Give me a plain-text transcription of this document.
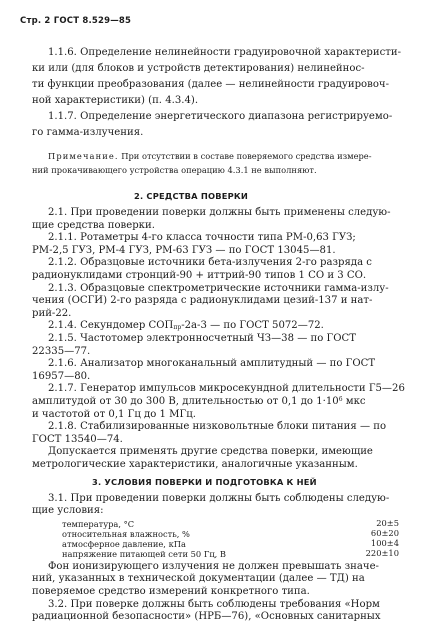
Стр. 2 ГОСТ 8.529—85
1.1.6. Определение нелинейности градуировочной характеристи-
ки или (для блоков и устройств детектирования) нелинейнос-
ти функции преобразования (далее — нелинейности градуировоч-
ной характеристики) (п. 4.3.4).
1.1.7. Определение энергетического диапазона регистрируемо-
го гамма-излучения.
Примечание. При отсутствии в составе поверяемого средства измере-
ний прокачивающего устройства операцию 4.3.1 не выполняют.
2. СРЕДСТВА ПОВЕРКИ
2.1. При проведении поверки должны быть применены следую-
щие средства поверки.
2.1.1. Ротаметры 4-го класса точности типа РМ-0,63 ГУЗ;
РМ-2,5 ГУЗ, РМ-4 ГУЗ, РМ-63 ГУЗ — по ГОСТ 13045—81.
2.1.2. Образцовые источники бета-излучения 2-го разряда с
радионуклидами стронций-90 + иттрий-90 типов 1 СО и 3 СО.
2.1.3. Образцовые спектрометрические источники гамма-излу-
чения (ОСГИ) 2-го разряда с радионуклидами цезий-137 и нат-
рий-22.
2.1.4. Секундомер $СОП_{пр}-2а-3$ — по ГОСТ 5072—72.
2.1.5. Частотомер электронносчетный ЧЗ—38 — по ГОСТ
22335—77.
2.1.6. Анализатор многоканальный амплитудный — по ГОСТ
16957—80.
2.1.7. Генератор импульсов микросекундной длительности Г5—26
амплитудой от 30 до 300 В, длительностью от 0,1 до $1\cdot 10^6$ мкс
и частотой от 0,1 Гц до 1 МГц.
2.1.8. Стабилизированные низковольтные блоки питания — по
ГОСТ 13540—74.
Допускается применять другие средства поверки, имеющие
метрологические характеристики, аналогичные указанным.
3. УСЛОВИЯ ПОВЕРКИ И ПОДГОТОВКА К НЕЙ
3.1. При проведении поверки должны быть соблюдены следую-
щие условия:
температура, °С	20±5
относительная влажность, %	60±20
атмосферное давление, кПа	100±4
напряжение питающей сети 50 Гц, В	220±10
Фон ионизирующего излучения не должен превышать значе-
ний, указанных в технической документации (далее — ТД) на
поверяемое средство измерений конкретного типа.
3.2. При поверке должны быть соблюдены требования «Норм
радиационной безопасности» (НРБ—76), «Основных санитарных
